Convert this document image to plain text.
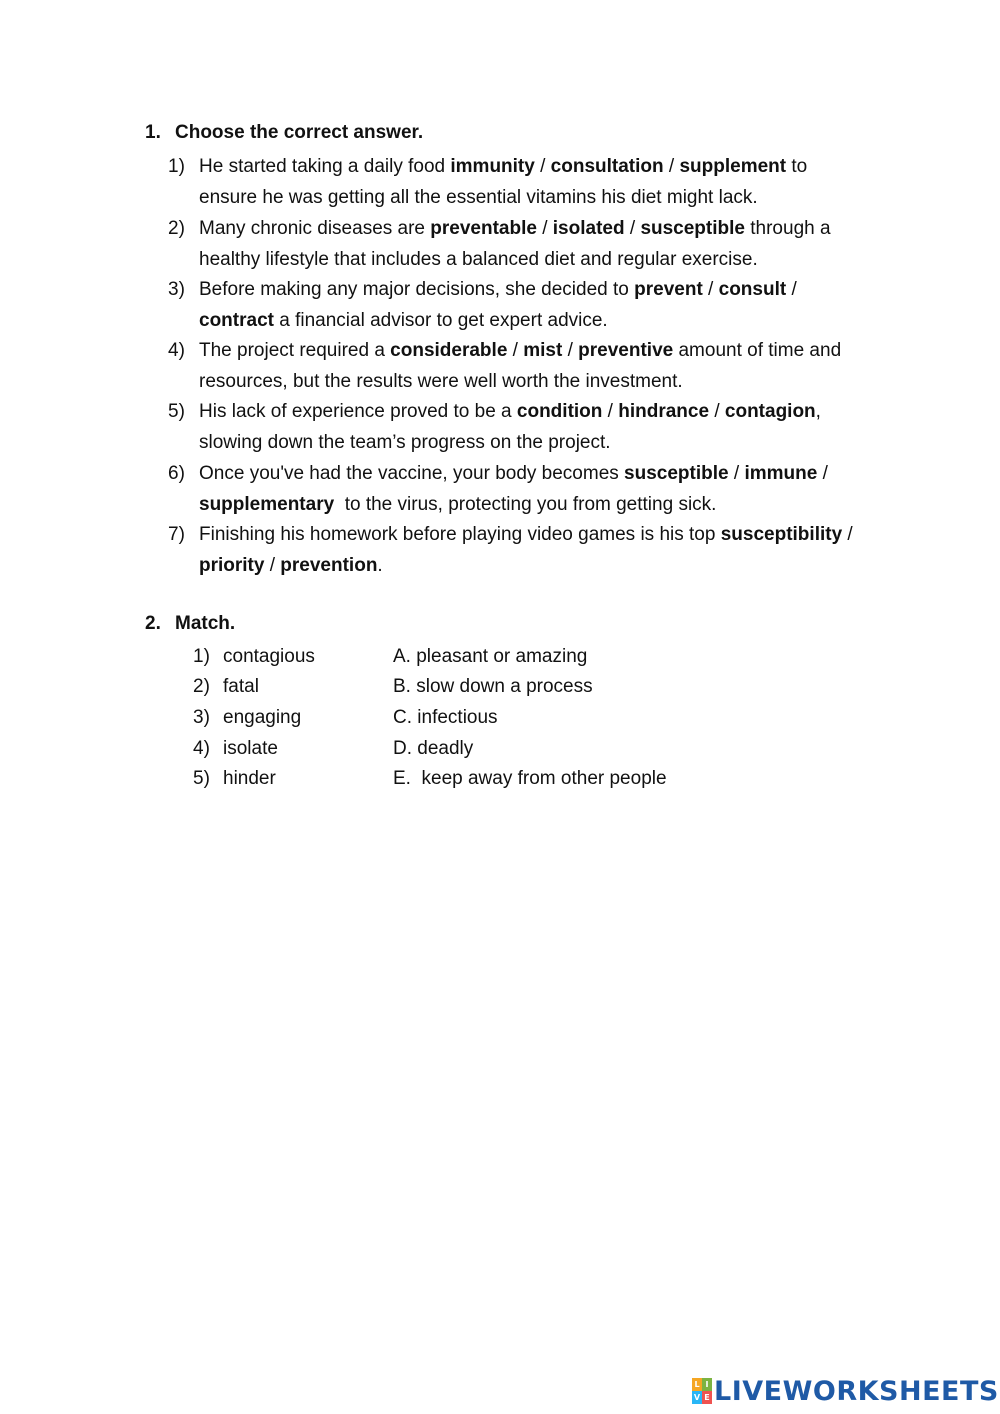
1. Choose the correct answer.
1) He started taking a daily food immunity / consultation / supplement to ensure he was getting all the essential vitamins his diet might lack.
2) Many chronic diseases are preventable / isolated / susceptible through a healthy lifestyle that includes a balanced diet and regular exercise.
3) Before making any major decisions, she decided to prevent / consult / contract a financial advisor to get expert advice.
4) The project required a considerable / mist / preventive amount of time and resources, but the results were well worth the investment.
5) His lack of experience proved to be a condition / hindrance / contagion, slowing down the team’s progress on the project.
6) Once you've had the vaccine, your body becomes susceptible / immune / supplementary  to the virus, protecting you from getting sick.
7) Finishing his homework before playing video games is his top susceptibility / priority / prevention.
2. Match.
1) contagious	A. pleasant or amazing
2) fatal	B. slow down a process
3) engaging	C. infectious
4) isolate	D. deadly
5) hinder	E.  keep away from other people
L I
V E LIVEWORKSHEETS
